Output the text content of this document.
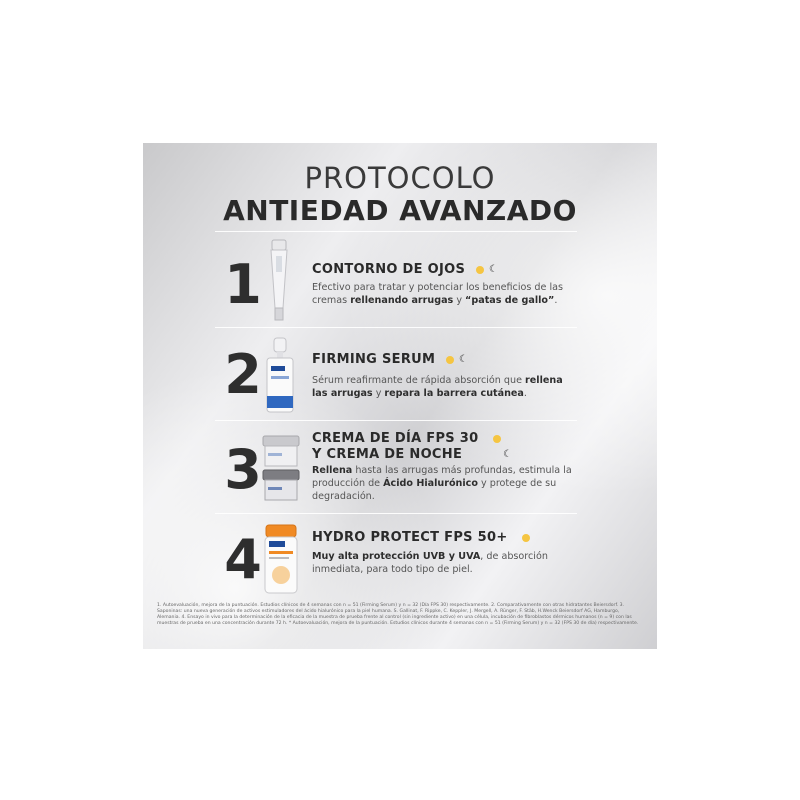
PROTOCOLO
ANTIEDAD AVANZADO
1	CONTORNO DE OJOS ☾
Efectivo para tratar y potenciar los beneficios de las cremas rellenando arrugas y “patas de gallo”.
2	FIRMING SERUM ☾
Sérum reafirmante de rápida absorción que rellena las arrugas y repara la barrera cutánea.
3	CREMA DE DÍA FPS 30
Y CREMA DE NOCHE	☾
Rellena hasta las arrugas más profundas, estimula la producción de Ácido Hialurónico y protege de su degradación.
4	HYDRO PROTECT FPS 50+
Muy alta protección UVB y UVA, de absorción inmediata, para todo tipo de piel.
1. Autoevaluación, mejora de la puntuación. Estudios clínicos de 4 semanas con n = 51 (Firming Serum) y n = 32 (Día FPS 30) respectivamente. 2. Comparativamente con otras hidratantes Beiersdorf. 3. Saponinas: una nueva generación de activos estimuladores del ácido hialurónico para la piel humana. S. Gallinat, F. Rippke, C. Keppler, J. Mergell, A. Rünger, F. Stäb, H.Wenck Beiersdorf AG, Hamburgo, Alemania. 4. Ensayo in vivo para la determinación de la eficacia de la muestra de prueba frente al control (sin ingrediente activo) en una célula, incubación de fibroblastos dérmicos humanos (n = 9) con las muestras de prueba en una concentración durante 72 h. * Autoevaluación, mejora de la puntuación. Estudios clínicos durante 4 semanas con n = 51 (Firming Serum) y n = 32 (FPS 30 de día) respectivamente.
